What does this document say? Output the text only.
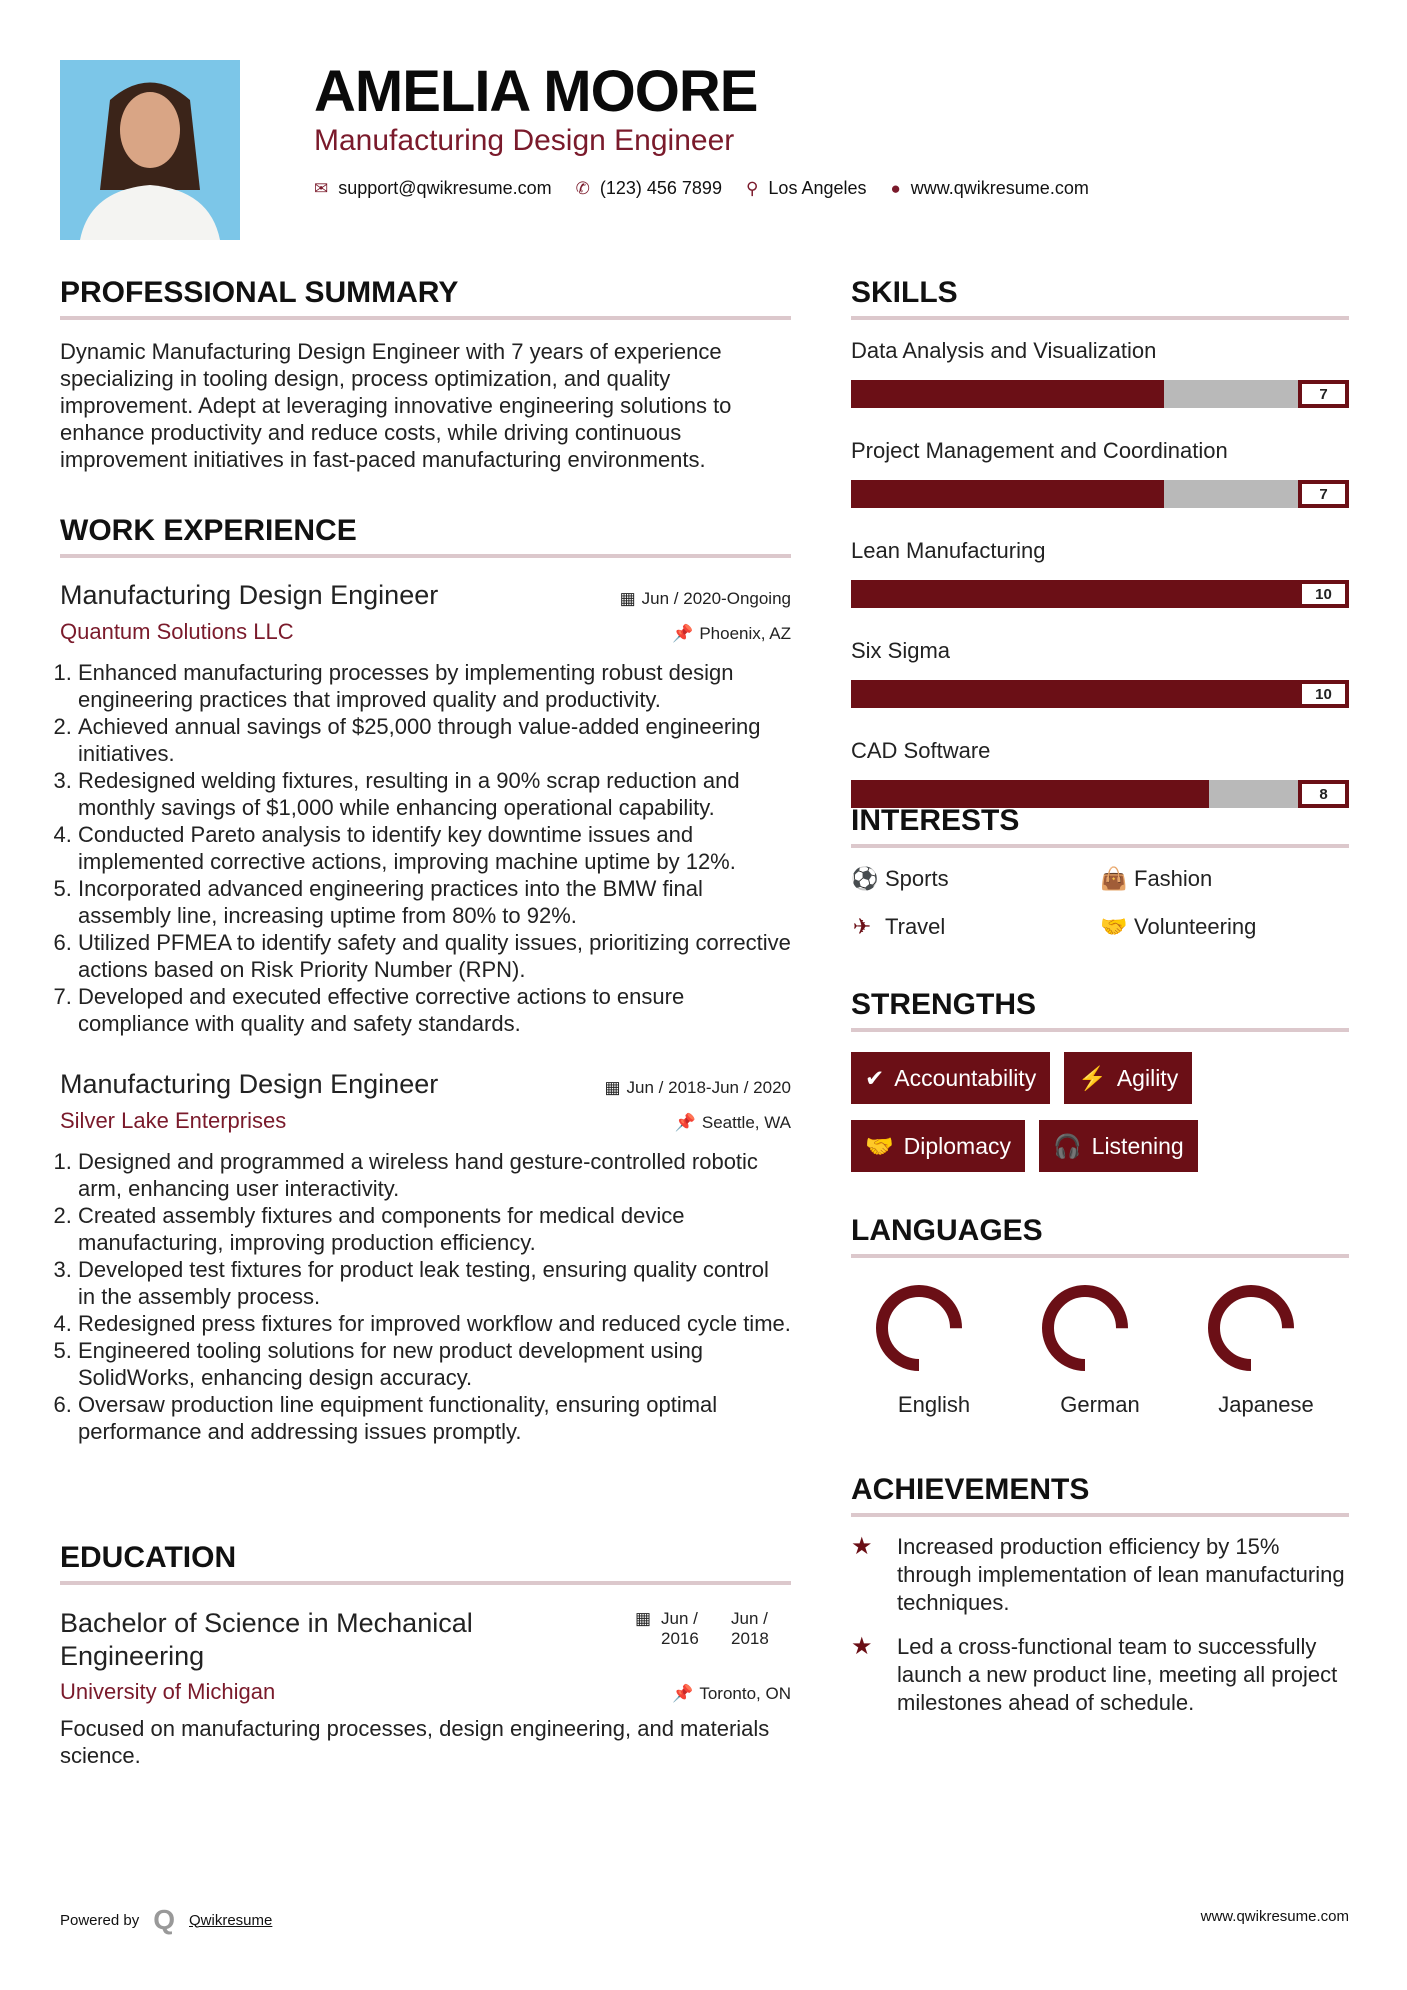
AMELIA MOORE
Manufacturing Design Engineer
✉ support@qwikresume.com ✆ (123) 456 7899 ⚲ Los Angeles ● www.qwikresume.com
PROFESSIONAL SUMMARY
Dynamic Manufacturing Design Engineer with 7 years of experience specializing in tooling design, process optimization, and quality improvement. Adept at leveraging innovative engineering solutions to enhance productivity and reduce costs, while driving continuous improvement initiatives in fast-paced manufacturing environments.
WORK EXPERIENCE
Manufacturing Design Engineer	▦ Jun / 2020-Ongoing
Quantum Solutions LLC	📌 Phoenix, AZ
1. Enhanced manufacturing processes by implementing robust design engineering practices that improved quality and productivity.
2. Achieved annual savings of $25,000 through value-added engineering initiatives.
3. Redesigned welding fixtures, resulting in a 90% scrap reduction and monthly savings of $1,000 while enhancing operational capability.
4. Conducted Pareto analysis to identify key downtime issues and implemented corrective actions, improving machine uptime by 12%.
5. Incorporated advanced engineering practices into the BMW final assembly line, increasing uptime from 80% to 92%.
6. Utilized PFMEA to identify safety and quality issues, prioritizing corrective actions based on Risk Priority Number (RPN).
7. Developed and executed effective corrective actions to ensure compliance with quality and safety standards.
Manufacturing Design Engineer	▦ Jun / 2018-Jun / 2020
Silver Lake Enterprises	📌 Seattle, WA
1. Designed and programmed a wireless hand gesture-controlled robotic arm, enhancing user interactivity.
2. Created assembly fixtures and components for medical device manufacturing, improving production efficiency.
3. Developed test fixtures for product leak testing, ensuring quality control in the assembly process.
4. Redesigned press fixtures for improved workflow and reduced cycle time.
5. Engineered tooling solutions for new product development using SolidWorks, enhancing design accuracy.
6. Oversaw production line equipment functionality, ensuring optimal performance and addressing issues promptly.
EDUCATION
Bachelor of Science in Mechanical Engineering
▦ Jun / 2016
Jun / 2018
University of Michigan	📌 Toronto, ON
Focused on manufacturing processes, design engineering, and materials science.
SKILLS
Data Analysis and Visualization
7
Project Management and Coordination
7
Lean Manufacturing
10
Six Sigma
10
CAD Software
8
INTERESTS
⚽ Sports	👜 Fashion
✈ Travel	🤝 Volunteering
STRENGTHS
✔ Accountability ⚡ Agility
🤝 Diplomacy 🎧 Listening
LANGUAGES
English	German	Japanese
ACHIEVEMENTS
★ Increased production efficiency by 15% through implementation of lean manufacturing techniques.
★ Led a cross-functional team to successfully launch a new product line, meeting all project milestones ahead of schedule.
Powered by Q Qwikresume	www.qwikresume.com
